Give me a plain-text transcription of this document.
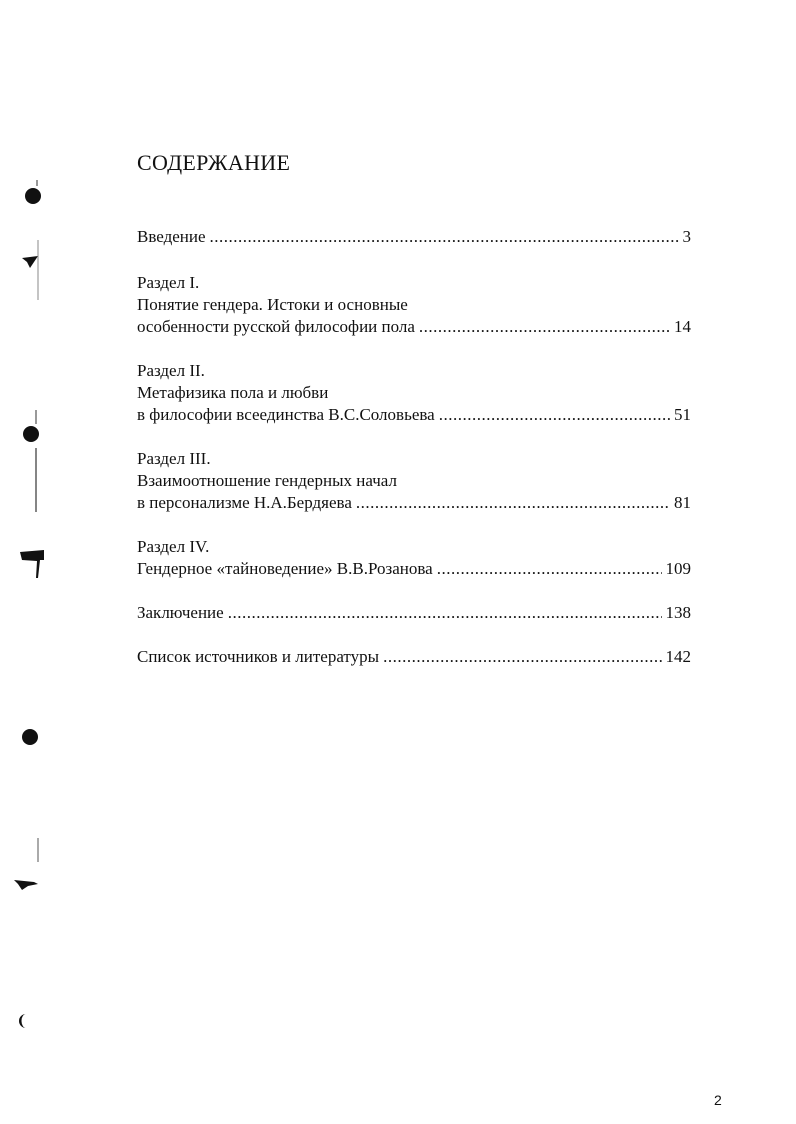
СОДЕРЖАНИЕ
Введение .....	3
Раздел I.
Понятие гендера. Истоки и основные
особенности русской философии пола .....	14
Раздел II.
Метафизика пола и любви
в философии всеединства В.С.Соловьева .....	51
Раздел III.
Взаимоотношение гендерных начал
в персонализме Н.А.Бердяева .....	81
Раздел IV.
Гендерное «тайноведение» В.В.Розанова .....	109
Заключение .....	138
Список источников и литературы .....	142
2
